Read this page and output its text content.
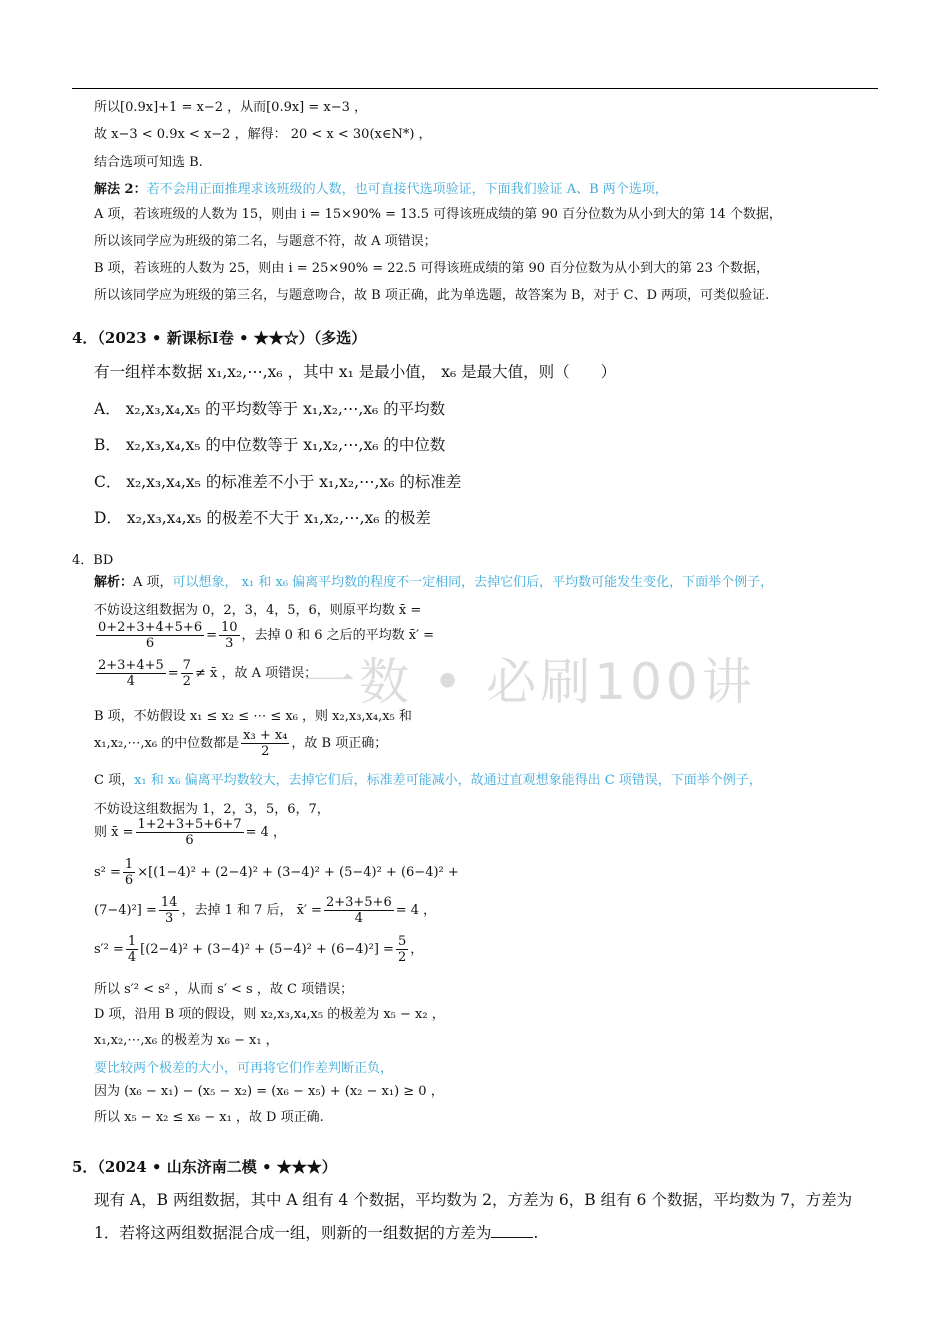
一数 • 必刷100讲
所以[0.9x]+1 = x−2 ，从而[0.9x] = x−3 ，
故 x−3 < 0.9x < x−2 ，解得： 20 < x < 30(x∈N*) ，
结合选项可知选 B.
解法 2：若不会用正面推理求该班级的人数，也可直接代选项验证，下面我们验证 A、B 两个选项，
A 项，若该班级的人数为 15，则由 i = 15×90% = 13.5 可得该班成绩的第 90 百分位数为从小到大的第 14 个数据，
所以该同学应为班级的第二名，与题意不符，故 A 项错误；
B 项，若该班的人数为 25，则由 i = 25×90% = 22.5 可得该班成绩的第 90 百分位数为从小到大的第 23 个数据，
所以该同学应为班级的第三名，与题意吻合，故 B 项正确，此为单选题，故答案为 B，对于 C、D 两项，可类似验证.
4．（2023 • 新课标Ⅰ卷 • ★★☆）（多选）
有一组样本数据 x₁,x₂,⋯,x₆ ，其中 x₁ 是最小值， x₆ 是最大值，则（　　）
A． x₂,x₃,x₄,x₅ 的平均数等于 x₁,x₂,⋯,x₆ 的平均数
B． x₂,x₃,x₄,x₅ 的中位数等于 x₁,x₂,⋯,x₆ 的中位数
C． x₂,x₃,x₄,x₅ 的标准差不小于 x₁,x₂,⋯,x₆ 的标准差
D． x₂,x₃,x₄,x₅ 的极差不大于 x₁,x₂,⋯,x₆ 的极差
4．BD
解析：A 项，可以想象， x₁ 和 x₆ 偏离平均数的程度不一定相同，去掉它们后，平均数可能发生变化，下面举个例子，
不妨设这组数据为 0，2，3，4，5，6，则原平均数 x̄ =
$\frac{0+2+3+4+5+6}{6} = \frac{10}{3}$ ，去掉 0 和 6 之后的平均数 x̄′ =
$\frac{2+3+4+5}{4} = \frac{7}{2}$ ≠ x̄ ，故 A 项错误；
B 项，不妨假设 x₁ ≤ x₂ ≤ ⋯ ≤ x₆ ，则 x₂,x₃,x₄,x₅ 和
x₁,x₂,⋯,x₆ 的中位数都是 $\frac{\text{x₃ + x₄}}{2}$ ，故 B 项正确；
C 项，x₁ 和 x₆ 偏离平均数较大，去掉它们后，标准差可能减小，故通过直观想象能得出 C 项错误，下面举个例子，
不妨设这组数据为 1，2，3，5，6，7，
则 x̄ = $\frac{1+2+3+5+6+7}{6} = 4$ ，
$s^2 = \frac{1}{6} \times[(1-4)^2 + (2-4)^2 + (3-4)^2 + (5-4)^2 + (6-4)^2$ +
$(7-4)^2] = \frac{14}{3}$ ，去掉 1 和 7 后， x̄′ = $\frac{2+3+5+6}{4} = 4$ ，
$s'^2 = \frac{1}{4} [(2-4)^2 + (3-4)^2 + (5-4)^2 + (6-4)^2] = \frac{5}{2}$ ，
所以 s′² < s² ，从而 s′ < s ，故 C 项错误；
D 项，沿用 B 项的假设，则 x₂,x₃,x₄,x₅ 的极差为 x₅ − x₂ ，
x₁,x₂,⋯,x₆ 的极差为 x₆ − x₁ ，
要比较两个极差的大小，可再将它们作差判断正负，
因为 (x₆ − x₁) − (x₅ − x₂) = (x₆ − x₅) + (x₂ − x₁) ≥ 0 ，
所以 x₅ − x₂ ≤ x₆ − x₁ ，故 D 项正确.
5．（2024 • 山东济南二模 • ★★★）
现有 A，B 两组数据，其中 A 组有 4 个数据，平均数为 2，方差为 6，B 组有 6 个数据，平均数为 7，方差为
1．若将这两组数据混合成一组，则新的一组数据的方差为	.
